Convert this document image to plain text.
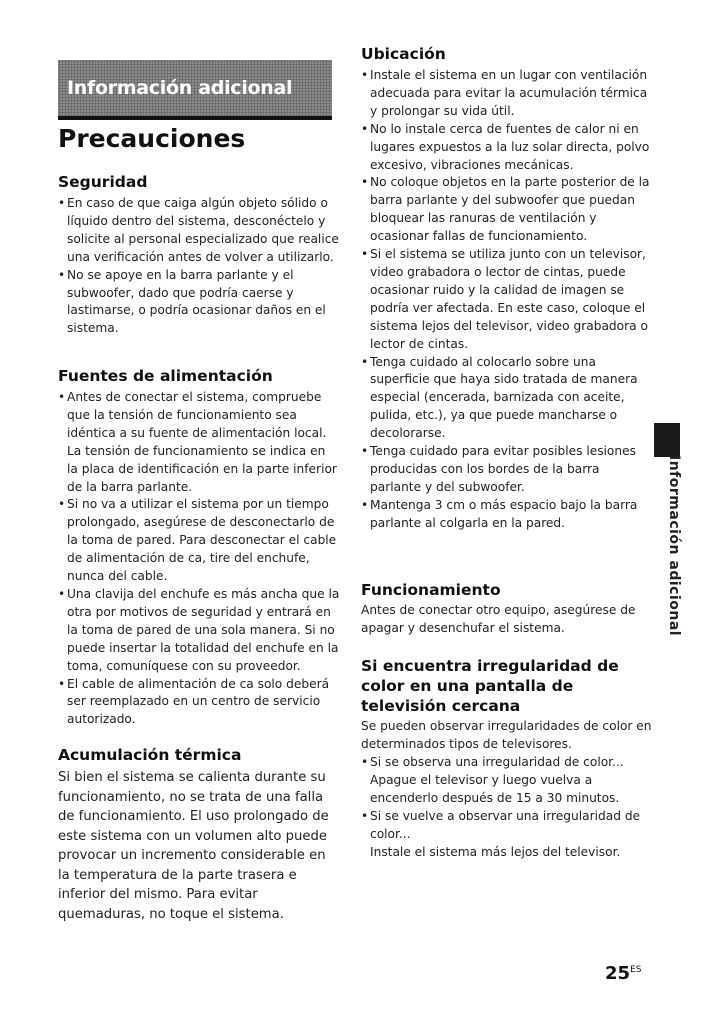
Información adicional
Precauciones
Seguridad
• En caso de que caiga algún objeto sólido o líquido dentro del sistema, desconéctelo y solicite al personal especializado que realice una verificación antes de volver a utilizarlo.
• No se apoye en la barra parlante y el subwoofer, dado que podría caerse y lastimarse, o podría ocasionar daños en el sistema.
Fuentes de alimentación
• Antes de conectar el sistema, compruebe que la tensión de funcionamiento sea idéntica a su fuente de alimentación local. La tensión de funcionamiento se indica en la placa de identificación en la parte inferior de la barra parlante.
• Si no va a utilizar el sistema por un tiempo prolongado, asegúrese de desconectarlo de la toma de pared. Para desconectar el cable de alimentación de ca, tire del enchufe, nunca del cable.
• Una clavija del enchufe es más ancha que la otra por motivos de seguridad y entrará en la toma de pared de una sola manera. Si no puede insertar la totalidad del enchufe en la toma, comuníquese con su proveedor.
• El cable de alimentación de ca solo deberá ser reemplazado en un centro de servicio autorizado.
Acumulación térmica

Si bien el sistema se calienta durante su funcionamiento, no se trata de una falla de funcionamiento. El uso prolongado de este sistema con un volumen alto puede provocar un incremento considerable en la temperatura de la parte trasera e inferior del mismo. Para evitar quemaduras, no toque el sistema.

Ubicación
• Instale el sistema en un lugar con ventilación adecuada para evitar la acumulación térmica y prolongar su vida útil.
• No lo instale cerca de fuentes de calor ni en lugares expuestos a la luz solar directa, polvo excesivo, vibraciones mecánicas.
• No coloque objetos en la parte posterior de la barra parlante y del subwoofer que puedan bloquear las ranuras de ventilación y ocasionar fallas de funcionamiento.
• Si el sistema se utiliza junto con un televisor, video grabadora o lector de cintas, puede ocasionar ruido y la calidad de imagen se podría ver afectada. En este caso, coloque el sistema lejos del televisor, video grabadora o lector de cintas.
• Tenga cuidado al colocarlo sobre una superficie que haya sido tratada de manera especial (encerada, barnizada con aceite, pulida, etc.), ya que puede mancharse o decolorarse.
• Tenga cuidado para evitar posibles lesiones producidas con los bordes de la barra parlante y del subwoofer.
• Mantenga 3 cm o más espacio bajo la barra parlante al colgarla en la pared.
Funcionamiento

Antes de conectar otro equipo, asegúrese de apagar y desenchufar el sistema.

Si encuentra irregularidad de color en una pantalla de televisión cercana

Se pueden observar irregularidades de color en determinados tipos de televisores.

• Si se observa una irregularidad de color...
Apague el televisor y luego vuelva a encenderlo después de 15 a 30 minutos.
• Si se vuelve a observar una irregularidad de color...
Instale el sistema más lejos del televisor.
Información adicional
$25^{ES}$
